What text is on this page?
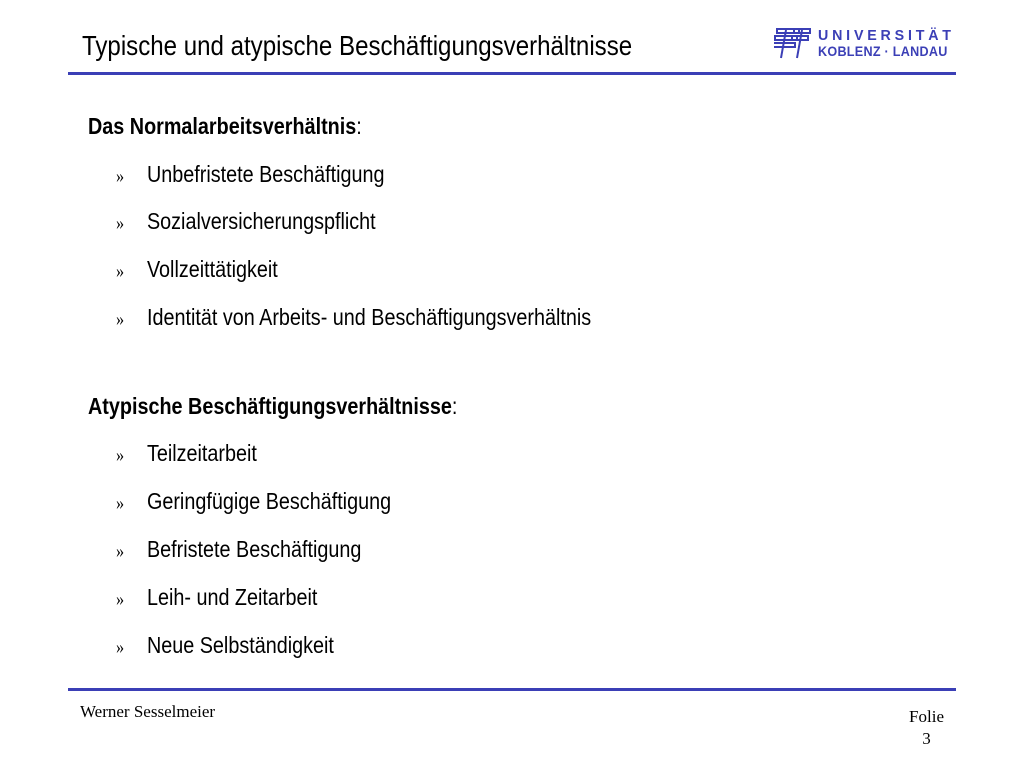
Typische und atypische Beschäftigungsverhältnisse	UNIVERSITÄT
KOBLENZ · LANDAU
Das Normalarbeitsverhältnis:
» Unbefristete Beschäftigung
» Sozialversicherungspflicht
» Vollzeittätigkeit
» Identität von Arbeits- und Beschäftigungsverhältnis
Atypische Beschäftigungsverhältnisse:
» Teilzeitarbeit
» Geringfügige Beschäftigung
» Befristete Beschäftigung
» Leih- und Zeitarbeit
» Neue Selbständigkeit
Werner Sesselmeier	Folie
3
